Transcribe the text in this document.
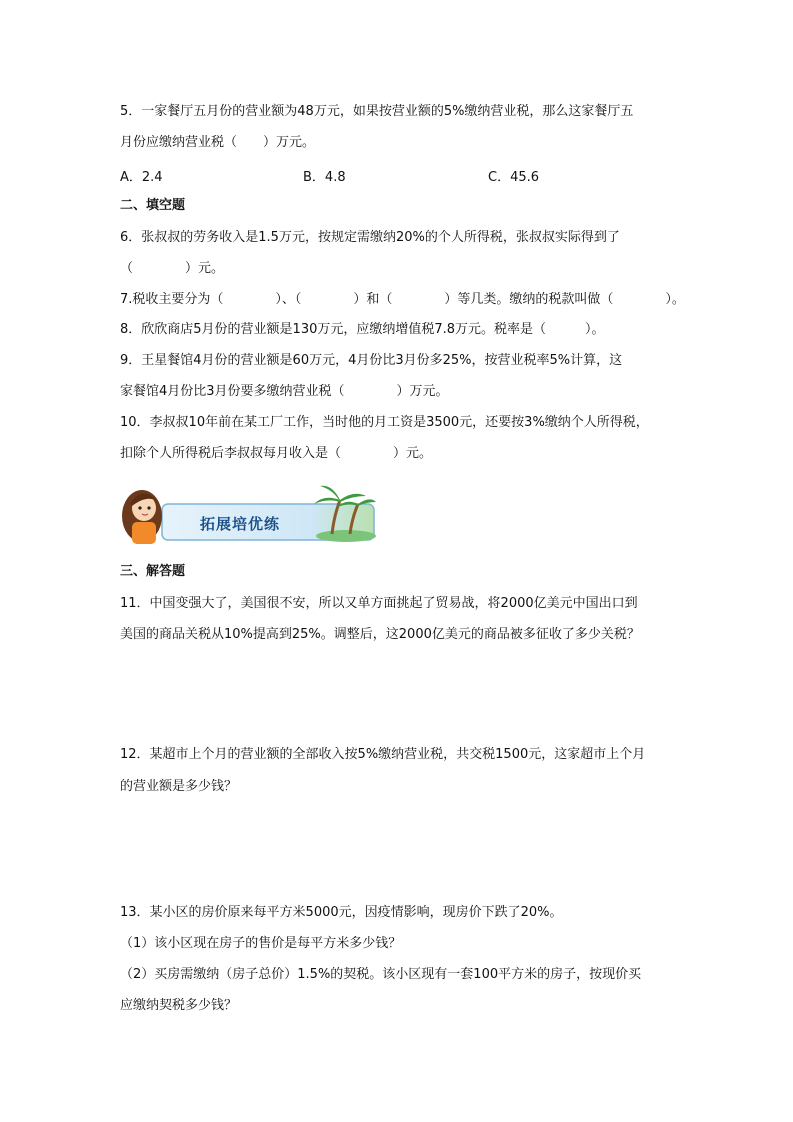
5．一家餐厅五月份的营业额为48万元，如果按营业额的5%缴纳营业税，那么这家餐厅五
月份应缴纳营业税（　　）万元。
A．2.4	B．4.8	C．45.6
二、填空题
6．张叔叔的劳务收入是1.5万元，按规定需缴纳20%的个人所得税，张叔叔实际得到了
（　　　　）元。
7.税收主要分为（　　　　）、（　　　　）和（　　　　）等几类。缴纳的税款叫做（　　　　）。
8．欣欣商店5月份的营业额是130万元，应缴纳增值税7.8万元。税率是（　　　）。
9．王星餐馆4月份的营业额是60万元，4月份比3月份多25%，按营业税率5%计算，这
家餐馆4月份比3月份要多缴纳营业税（　　　　）万元。
10．李叔叔10年前在某工厂工作，当时他的月工资是3500元，还要按3%缴纳个人所得税，
扣除个人所得税后李叔叔每月收入是（　　　　）元。
拓展培优练
三、解答题
11．中国变强大了，美国很不安，所以又单方面挑起了贸易战，将2000亿美元中国出口到
美国的商品关税从10%提高到25%。调整后，这2000亿美元的商品被多征收了多少关税？
12．某超市上个月的营业额的全部收入按5%缴纳营业税，共交税1500元，这家超市上个月
的营业额是多少钱？
13．某小区的房价原来每平方米5000元，因疫情影响，现房价下跌了20%。
（1）该小区现在房子的售价是每平方米多少钱？
（2）买房需缴纳（房子总价）1.5%的契税。该小区现有一套100平方米的房子，按现价买
应缴纳契税多少钱？
